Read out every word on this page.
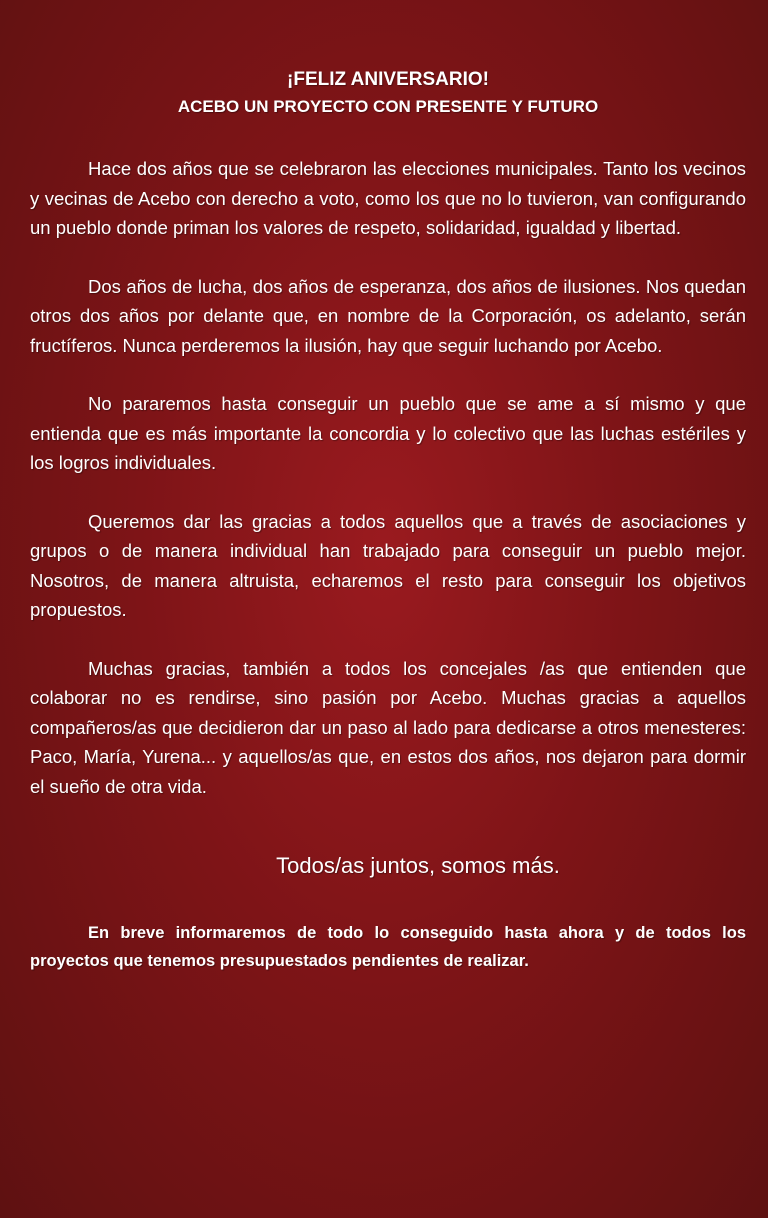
¡FELIZ ANIVERSARIO!
ACEBO UN PROYECTO CON PRESENTE Y FUTURO

Hace dos años que se celebraron las elecciones municipales. Tanto los vecinos y vecinas de Acebo con derecho a voto, como los que no lo tuvieron, van configurando un pueblo donde priman los valores de respeto, solidaridad, igualdad y libertad.

Dos años de lucha, dos años de esperanza, dos años de ilusiones. Nos quedan otros dos años por delante que, en nombre de la Corporación, os adelanto, serán fructíferos. Nunca perderemos la ilusión, hay que seguir luchando por Acebo.

No pararemos hasta conseguir un pueblo que se ame a sí mismo y que entienda que es más importante la concordia y lo colectivo que las luchas estériles y los logros individuales.

Queremos dar las gracias a todos aquellos que a través de asociaciones y grupos o de manera individual han trabajado para conseguir un pueblo mejor. Nosotros, de manera altruista, echaremos el resto para conseguir los objetivos propuestos.

Muchas gracias, también a todos los concejales /as que entienden que colaborar no es rendirse, sino pasión por Acebo. Muchas gracias a aquellos compañeros/as que decidieron dar un paso al lado para dedicarse a otros menesteres: Paco, María, Yurena... y aquellos/as que, en estos dos años, nos dejaron para dormir el sueño de otra vida.

Todos/as juntos, somos más.

En breve informaremos de todo lo conseguido hasta ahora y de todos los proyectos que tenemos presupuestados pendientes de realizar.
